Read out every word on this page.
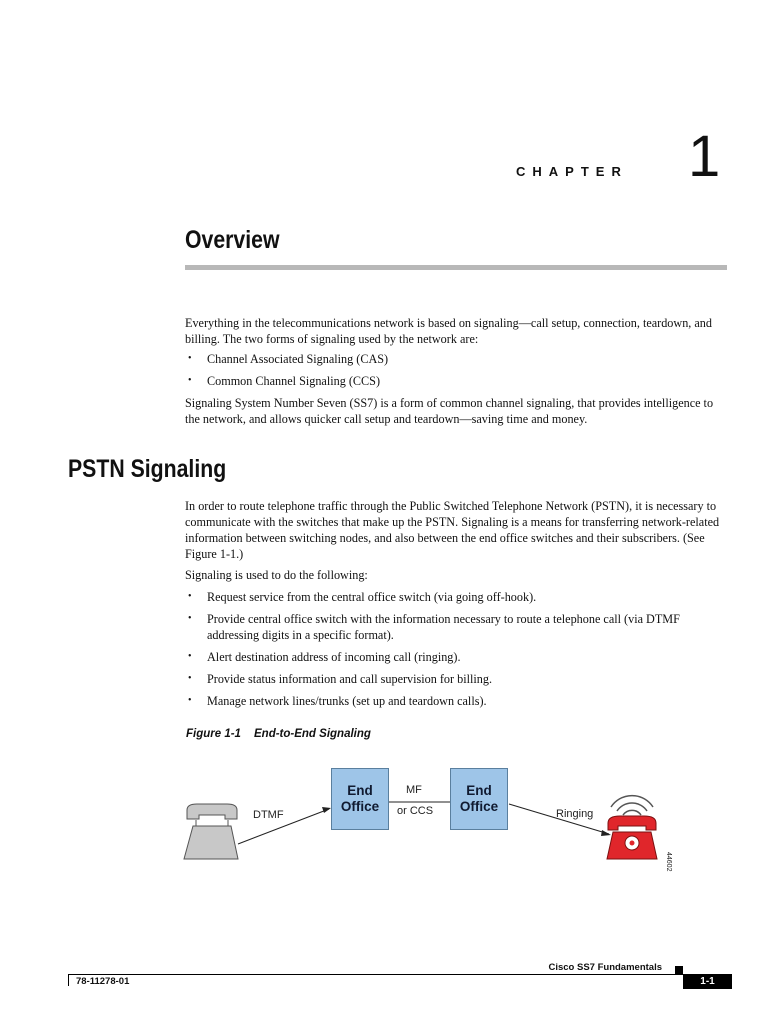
CHAPTER 1
Overview
Everything in the telecommunications network is based on signaling—call setup, connection, teardown, and billing. The two forms of signaling used by the network are:
• Channel Associated Signaling (CAS)
• Common Channel Signaling (CCS)
Signaling System Number Seven (SS7) is a form of common channel signaling, that provides intelligence to the network, and allows quicker call setup and teardown—saving time and money.
PSTN Signaling
In order to route telephone traffic through the Public Switched Telephone Network (PSTN), it is necessary to communicate with the switches that make up the PSTN. Signaling is a means for transferring network-related information between switching nodes, and also between the end office switches and their subscribers. (See Figure 1-1.)
Signaling is used to do the following:
• Request service from the central office switch (via going off-hook).
• Provide central office switch with the information necessary to route a telephone call (via DTMF addressing digits in a specific format).
• Alert destination address of incoming call (ringing).
• Provide status information and call supervision for billing.
• Manage network lines/trunks (set up and teardown calls).
Figure 1-1 End-to-End Signaling
End
Office
End
Office
DTMF
MF
or CCS	Ringing
44602
Cisco SS7 Fundamentals
78-11278-01	1-1
